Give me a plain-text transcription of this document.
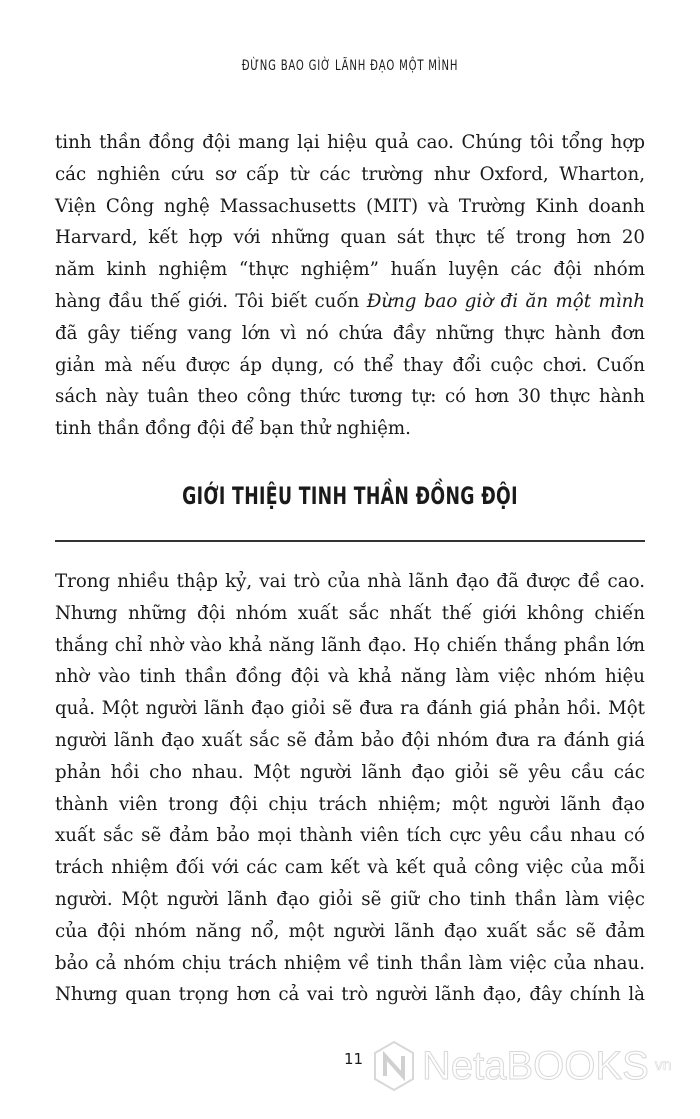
ĐỪNG BAO GIỜ LÃNH ĐẠO MỘT MÌNH
tinh thần đồng đội mang lại hiệu quả cao. Chúng tôi tổng hợp
các nghiên cứu sơ cấp từ các trường như Oxford, Wharton,
Viện Công nghệ Massachusetts (MIT) và Trường Kinh doanh
Harvard, kết hợp với những quan sát thực tế trong hơn 20
năm kinh nghiệm “thực nghiệm” huấn luyện các đội nhóm
hàng đầu thế giới. Tôi biết cuốn Đừng bao giờ đi ăn một mình
đã gây tiếng vang lớn vì nó chứa đầy những thực hành đơn
giản mà nếu được áp dụng, có thể thay đổi cuộc chơi. Cuốn
sách này tuân theo công thức tương tự: có hơn 30 thực hành
tinh thần đồng đội để bạn thử nghiệm.
GIỚI THIỆU TINH THẦN ĐỒNG ĐỘI
Trong nhiều thập kỷ, vai trò của nhà lãnh đạo đã được đề cao.
Nhưng những đội nhóm xuất sắc nhất thế giới không chiến
thắng chỉ nhờ vào khả năng lãnh đạo. Họ chiến thắng phần lớn
nhờ vào tinh thần đồng đội và khả năng làm việc nhóm hiệu
quả. Một người lãnh đạo giỏi sẽ đưa ra đánh giá phản hồi. Một
người lãnh đạo xuất sắc sẽ đảm bảo đội nhóm đưa ra đánh giá
phản hồi cho nhau. Một người lãnh đạo giỏi sẽ yêu cầu các
thành viên trong đội chịu trách nhiệm; một người lãnh đạo
xuất sắc sẽ đảm bảo mọi thành viên tích cực yêu cầu nhau có
trách nhiệm đối với các cam kết và kết quả công việc của mỗi
người. Một người lãnh đạo giỏi sẽ giữ cho tinh thần làm việc
của đội nhóm năng nổ, một người lãnh đạo xuất sắc sẽ đảm
bảo cả nhóm chịu trách nhiệm về tinh thần làm việc của nhau.
Nhưng quan trọng hơn cả vai trò người lãnh đạo, đây chính là
11 NetaBOOKS vn
